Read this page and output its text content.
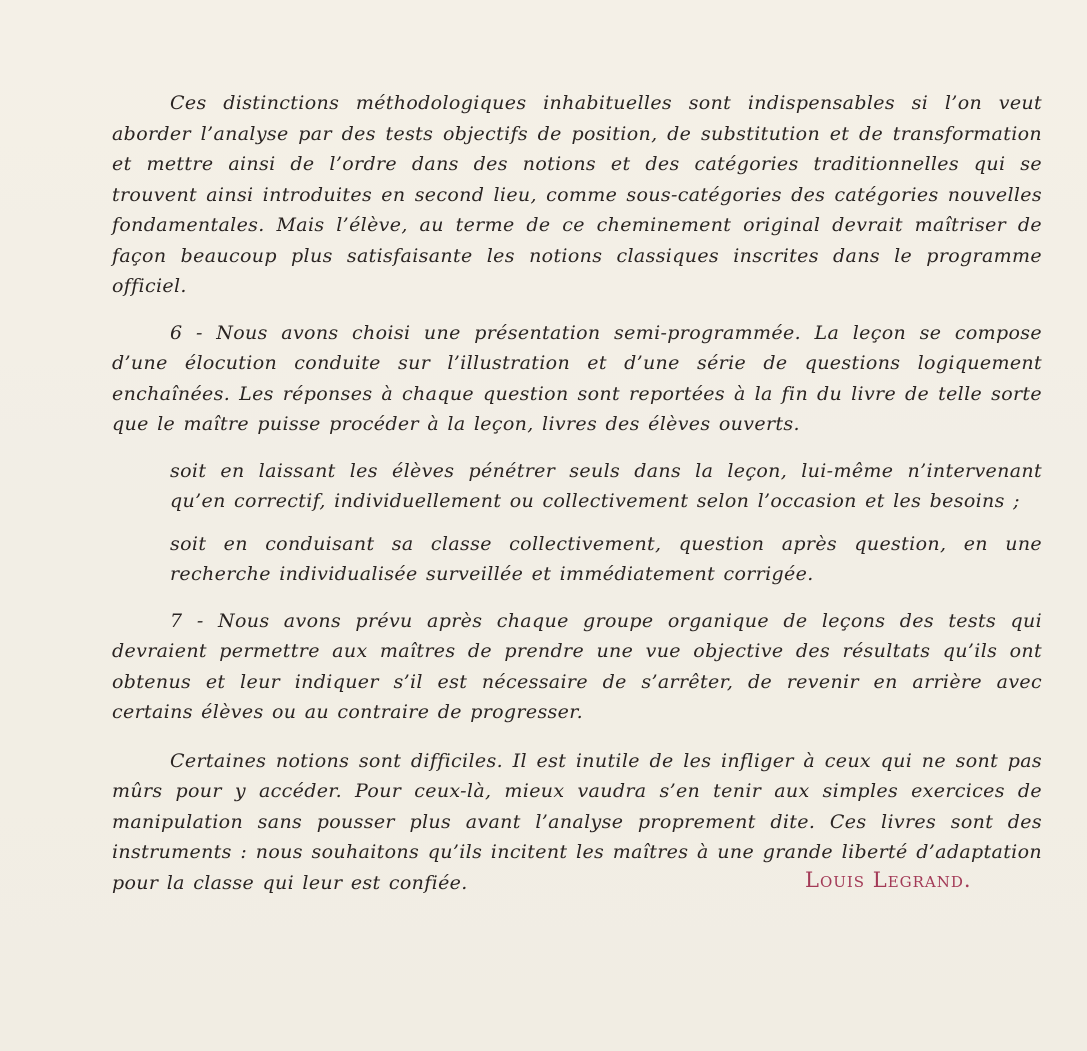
Ces distinctions méthodologiques inhabituelles sont indispensables si l’on veut aborder l’analyse par des tests objectifs de position, de substitution et de transformation et mettre ainsi de l’ordre dans des notions et des catégories traditionnelles qui se trouvent ainsi introduites en second lieu, comme sous-catégories des catégories nouvelles fondamentales. Mais l’élève, au terme de ce cheminement original devrait maîtriser de façon beaucoup plus satisfaisante les notions classiques inscrites dans le programme officiel.

6 - Nous avons choisi une présentation semi-programmée. La leçon se compose d’une élocution conduite sur l’illustration et d’une série de questions logiquement enchaînées. Les réponses à chaque question sont reportées à la fin du livre de telle sorte que le maître puisse procéder à la leçon, livres des élèves ouverts.

soit en laissant les élèves pénétrer seuls dans la leçon, lui-même n’intervenant qu’en correctif, individuellement ou collectivement selon l’occasion et les besoins ;

soit en conduisant sa classe collectivement, question après question, en une recherche individualisée surveillée et immédiatement corrigée.

7 - Nous avons prévu après chaque groupe organique de leçons des tests qui devraient permettre aux maîtres de prendre une vue objective des résultats qu’ils ont obtenus et leur indiquer s’il est nécessaire de s’arrêter, de revenir en arrière avec certains élèves ou au contraire de progresser.

Certaines notions sont difficiles. Il est inutile de les infliger à ceux qui ne sont pas mûrs pour y accéder. Pour ceux-là, mieux vaudra s’en tenir aux simples exercices de manipulation sans pousser plus avant l’analyse proprement dite. Ces livres sont des instruments : nous souhaitons qu’ils incitent les maîtres à une grande liberté d’adaptation pour la classe qui leur est confiée.	Louis Legrand.
